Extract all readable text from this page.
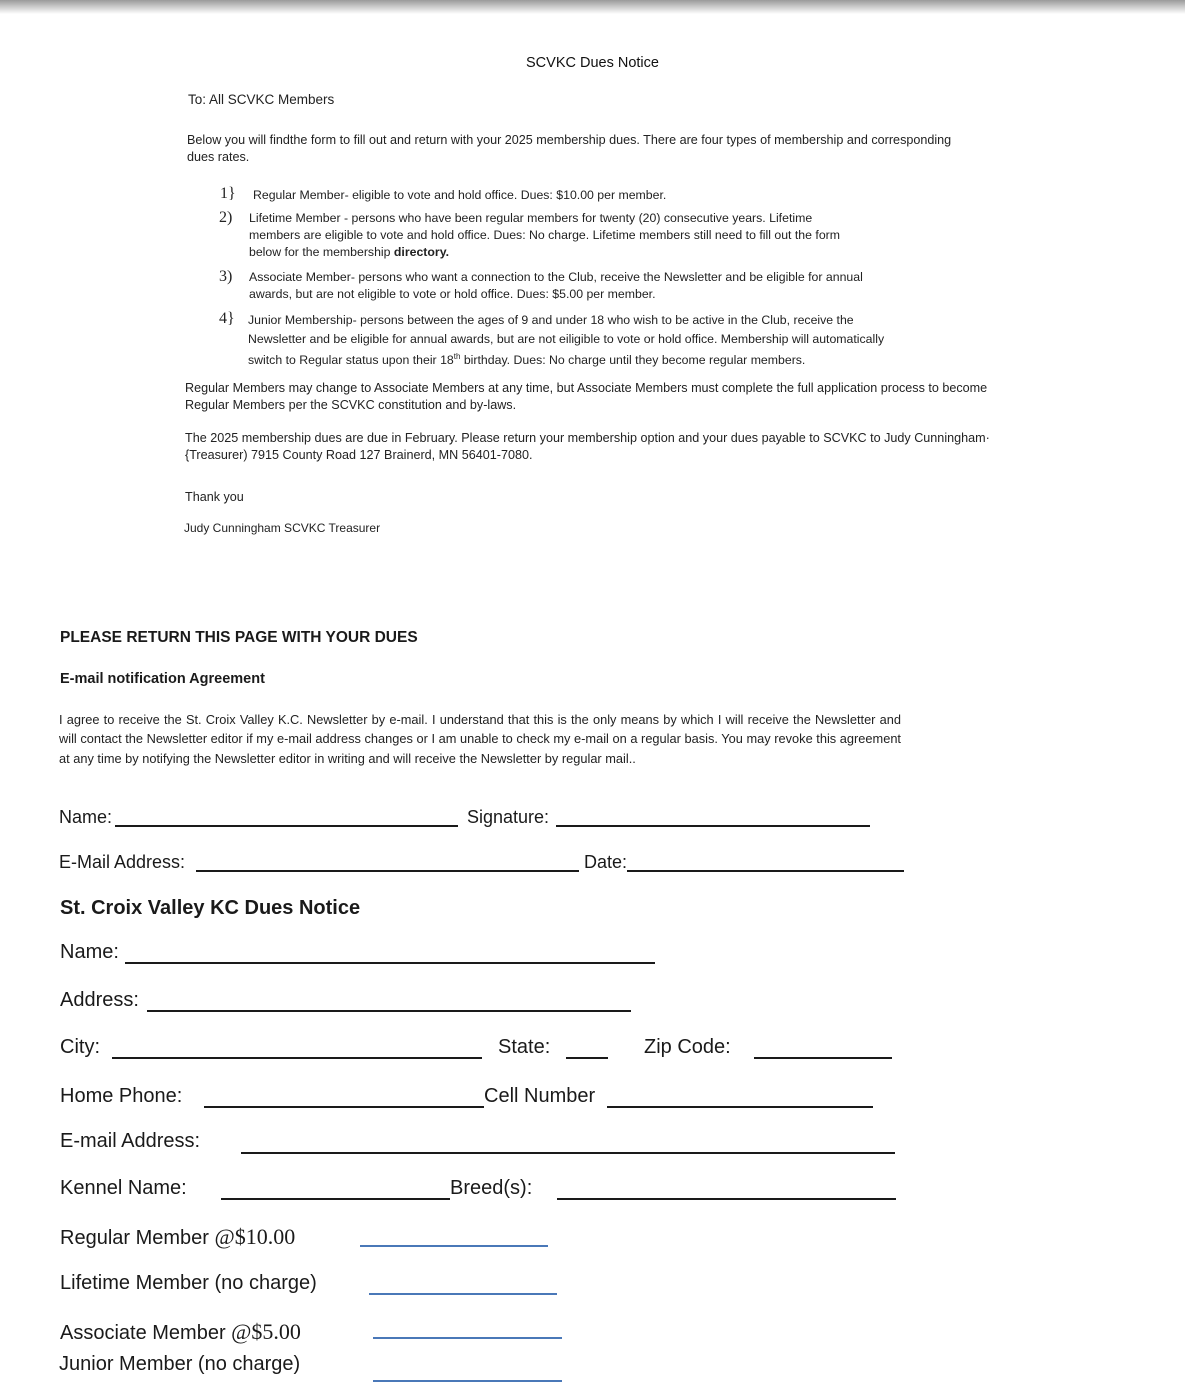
SCVKC Dues Notice
To: All SCVKC Members
Below you will findthe form to fill out and return with your 2025 membership dues. There are four types of membership and corresponding dues rates.
1} Regular Member- eligible to vote and hold office. Dues: $10.00 per member.
2) Lifetime Member - persons who have been regular members for twenty (20) consecutive years. Lifetime
members are eligible to vote and hold office. Dues: No charge. Lifetime members still need to fill out the form
below for the membership directory.
3) Associate Member- persons who want a connection to the Club, receive the Newsletter and be eligible for annual
awards, but are not eligible to vote or hold office. Dues: $5.00 per member.
4} Junior Membership- persons between the ages of 9 and under 18 who wish to be active in the Club, receive the
Newsletter and be eligible for annual awards, but are not eiligible to vote or hold office. Membership will automatically
switch to Regular status upon their 18th birthday. Dues: No charge until they become regular members.
Regular Members may change to Associate Members at any time, but Associate Members must complete the full application process to become Regular Members per the SCVKC constitution and by-laws.
The 2025 membership dues are due in February. Please return your membership option and your dues payable to SCVKC to Judy Cunningham· {Treasurer) 7915 County Road 127 Brainerd, MN 56401-7080.
Thank you
Judy Cunningham SCVKC Treasurer
PLEASE RETURN THIS PAGE WITH YOUR DUES
E-mail notification Agreement
I agree to receive the St. Croix Valley K.C. Newsletter by e-mail. I understand that this is the only means by which I will receive the Newsletter and will contact the Newsletter editor if my e-mail address changes or I am unable to check my e-mail on a regular basis. You may revoke this agreement at any time by notifying the Newsletter editor in writing and will receive the Newsletter by regular mail..
Name:	Signature:
E-Mail Address:	Date:
St. Croix Valley KC Dues Notice
Name:
Address:
City:	State:	Zip Code:
Home Phone:	Cell Number
E-mail Address:
Kennel Name:	Breed(s):
Regular Member @$10.00
Lifetime Member (no charge)
Associate Member @$5.00
Junior Member (no charge)
